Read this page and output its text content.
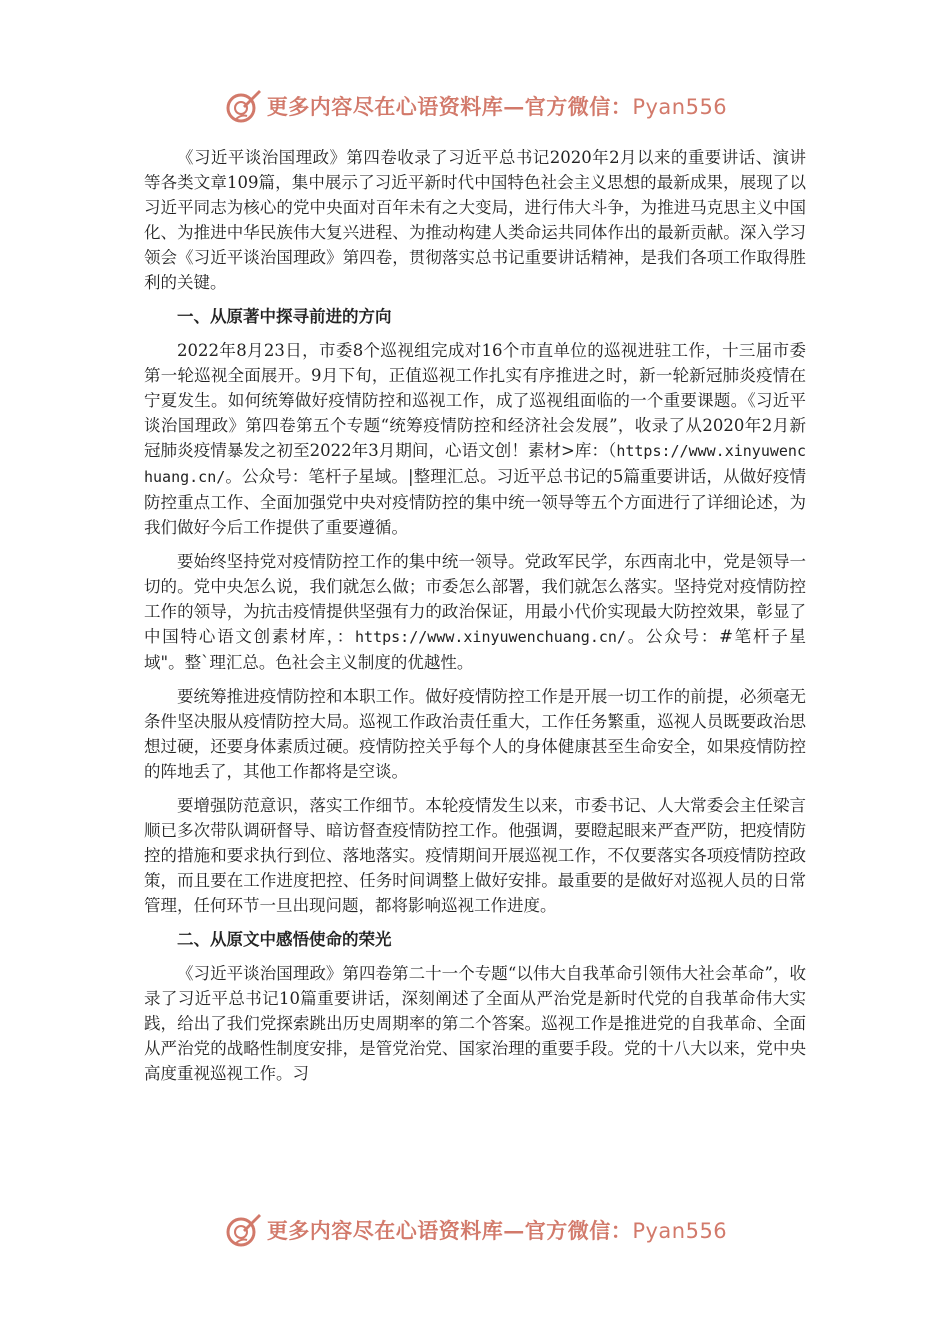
更多内容尽在心语资料库—官方微信：Pyan556

《习近平谈治国理政》第四卷收录了习近平总书记2020年2月以来的重要讲话、演讲等各类文章109篇，集中展示了习近平新时代中国特色社会主义思想的最新成果，展现了以习近平同志为核心的党中央面对百年未有之大变局，进行伟大斗争，为推进马克思主义中国化、为推进中华民族伟大复兴进程、为推动构建人类命运共同体作出的最新贡献。深入学习领会《习近平谈治国理政》第四卷，贯彻落实总书记重要讲话精神，是我们各项工作取得胜利的关键。

一、从原著中探寻前进的方向

2022年8月23日，市委8个巡视组完成对16个市直单位的巡视进驻工作，十三届市委第一轮巡视全面展开。9月下旬，正值巡视工作扎实有序推进之时，新一轮新冠肺炎疫情在宁夏发生。如何统筹做好疫情防控和巡视工作，成了巡视组面临的一个重要课题。《习近平谈治国理政》第四卷第五个专题“统筹疫情防控和经济社会发展”，收录了从2020年2月新冠肺炎疫情暴发之初至2022年3月期间，心语文创！素材>库：（https://www.xinyuwenchuang.cn/。公众号：笔杆子星域。|整理汇总。习近平总书记的5篇重要讲话，从做好疫情防控重点工作、全面加强党中央对疫情防控的集中统一领导等五个方面进行了详细论述，为我们做好今后工作提供了重要遵循。

要始终坚持党对疫情防控工作的集中统一领导。党政军民学，东西南北中，党是领导一切的。党中央怎么说，我们就怎么做；市委怎么部署，我们就怎么落实。坚持党对疫情防控工作的领导，为抗击疫情提供坚强有力的政治保证，用最小代价实现最大防控效果，彰显了中国特心语文创素材库，：https://www.xinyuwenchuang.cn/。公众号：#笔杆子星域"。整`理汇总。色社会主义制度的优越性。

要统筹推进疫情防控和本职工作。做好疫情防控工作是开展一切工作的前提，必须毫无条件坚决服从疫情防控大局。巡视工作政治责任重大，工作任务繁重，巡视人员既要政治思想过硬，还要身体素质过硬。疫情防控关乎每个人的身体健康甚至生命安全，如果疫情防控的阵地丢了，其他工作都将是空谈。

要增强防范意识，落实工作细节。本轮疫情发生以来，市委书记、人大常委会主任梁言顺已多次带队调研督导、暗访督查疫情防控工作。他强调，要瞪起眼来严查严防，把疫情防控的措施和要求执行到位、落地落实。疫情期间开展巡视工作，不仅要落实各项疫情防控政策，而且要在工作进度把控、任务时间调整上做好安排。最重要的是做好对巡视人员的日常管理，任何环节一旦出现问题，都将影响巡视工作进度。

二、从原文中感悟使命的荣光

《习近平谈治国理政》第四卷第二十一个专题“以伟大自我革命引领伟大社会革命”，收录了习近平总书记10篇重要讲话，深刻阐述了全面从严治党是新时代党的自我革命伟大实践，给出了我们党探索跳出历史周期率的第二个答案。巡视工作是推进党的自我革命、全面从严治党的战略性制度安排，是管党治党、国家治理的重要手段。党的十八大以来，党中央高度重视巡视工作。习

更多内容尽在心语资料库—官方微信：Pyan556
